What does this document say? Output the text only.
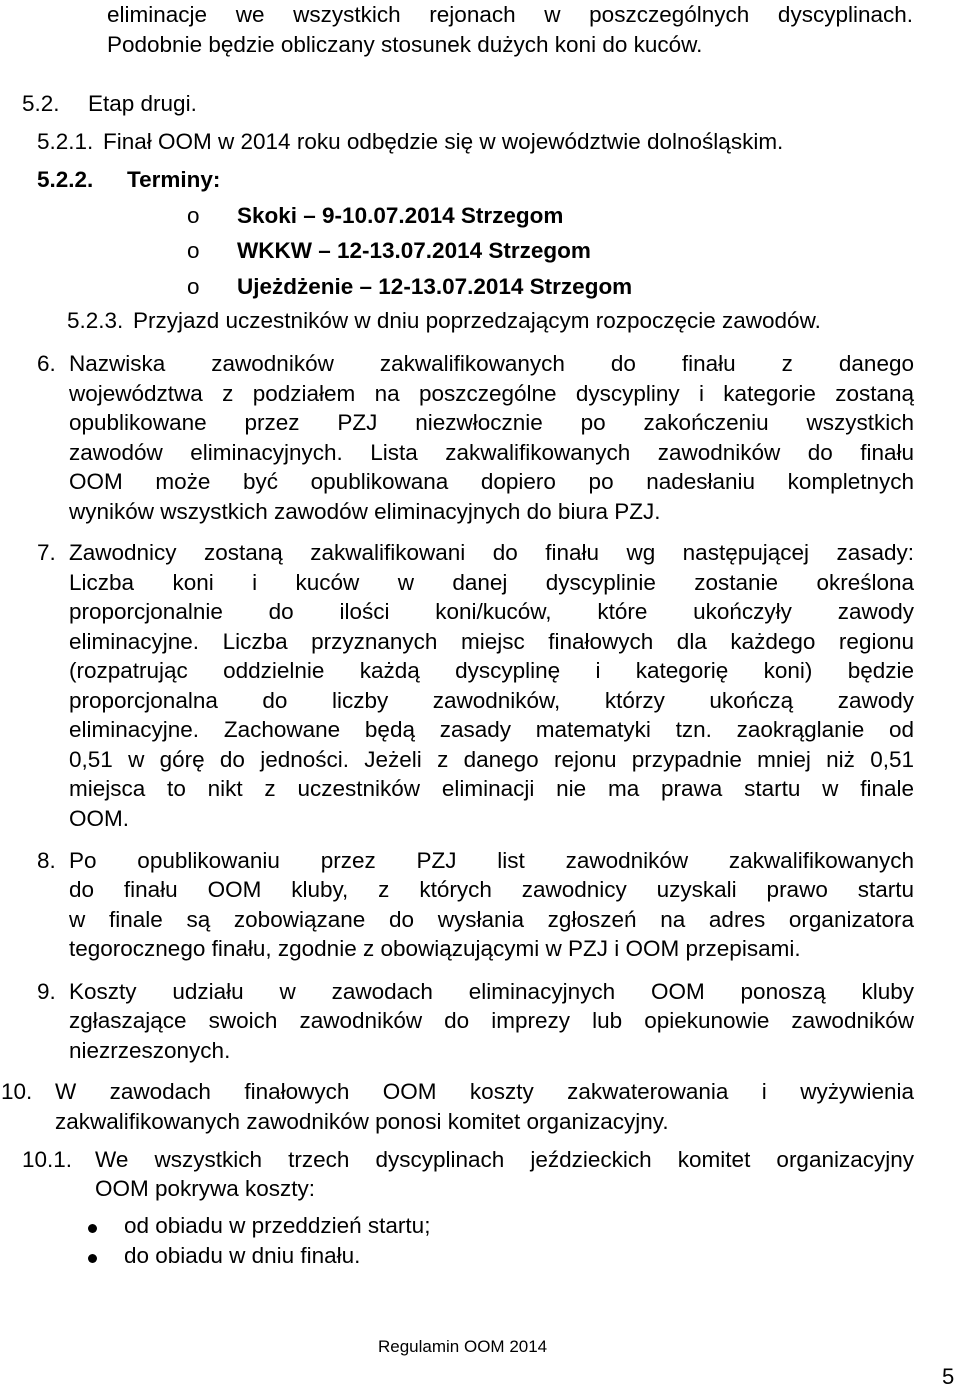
eliminacje we wszystkich rejonach w poszczególnych dyscyplinach.
Podobnie będzie obliczany stosunek dużych koni do kuców.
5.2. Etap drugi.
5.2.1. Finał OOM w 2014 roku odbędzie się w województwie dolnośląskim.
5.2.2. Terminy:
o Skoki – 9-10.07.2014 Strzegom
o WKKW – 12-13.07.2014 Strzegom
o Ujeżdżenie – 12-13.07.2014 Strzegom
5.2.3. Przyjazd uczestników w dniu poprzedzającym rozpoczęcie zawodów.
6. Nazwiska zawodników zakwalifikowanych do finału z danego
województwa z podziałem na poszczególne dyscypliny i kategorie zostaną
opublikowane przez PZJ niezwłocznie po zakończeniu wszystkich
zawodów eliminacyjnych. Lista zakwalifikowanych zawodników do finału
OOM może być opublikowana dopiero po nadesłaniu kompletnych
wyników wszystkich zawodów eliminacyjnych do biura PZJ.
7. Zawodnicy zostaną zakwalifikowani do finału wg następującej zasady:
Liczba koni i kuców w danej dyscyplinie zostanie określona
proporcjonalnie do ilości koni/kuców, które ukończyły zawody
eliminacyjne. Liczba przyznanych miejsc finałowych dla każdego regionu
(rozpatrując oddzielnie każdą dyscyplinę i kategorię koni) będzie
proporcjonalna do liczby zawodników, którzy ukończą zawody
eliminacyjne. Zachowane będą zasady matematyki tzn. zaokrąglanie od
0,51 w górę do jedności. Jeżeli z danego rejonu przypadnie mniej niż 0,51
miejsca to nikt z uczestników eliminacji nie ma prawa startu w finale
OOM.
8. Po opublikowaniu przez PZJ list zawodników zakwalifikowanych
do finału OOM kluby, z których zawodnicy uzyskali prawo startu
w finale są zobowiązane do wysłania zgłoszeń na adres organizatora
tegorocznego finału, zgodnie z obowiązującymi w PZJ i OOM przepisami.
9. Koszty udziału w zawodach eliminacyjnych OOM ponoszą kluby
zgłaszające swoich zawodników do imprezy lub opiekunowie zawodników
niezrzeszonych.
10. W zawodach finałowych OOM koszty zakwaterowania i wyżywienia
zakwalifikowanych zawodników ponosi komitet organizacyjny.
10.1. We wszystkich trzech dyscyplinach jeździeckich komitet organizacyjny
OOM pokrywa koszty:
od obiadu w przeddzień startu;
do obiadu w dniu finału.
Regulamin OOM 2014
5
